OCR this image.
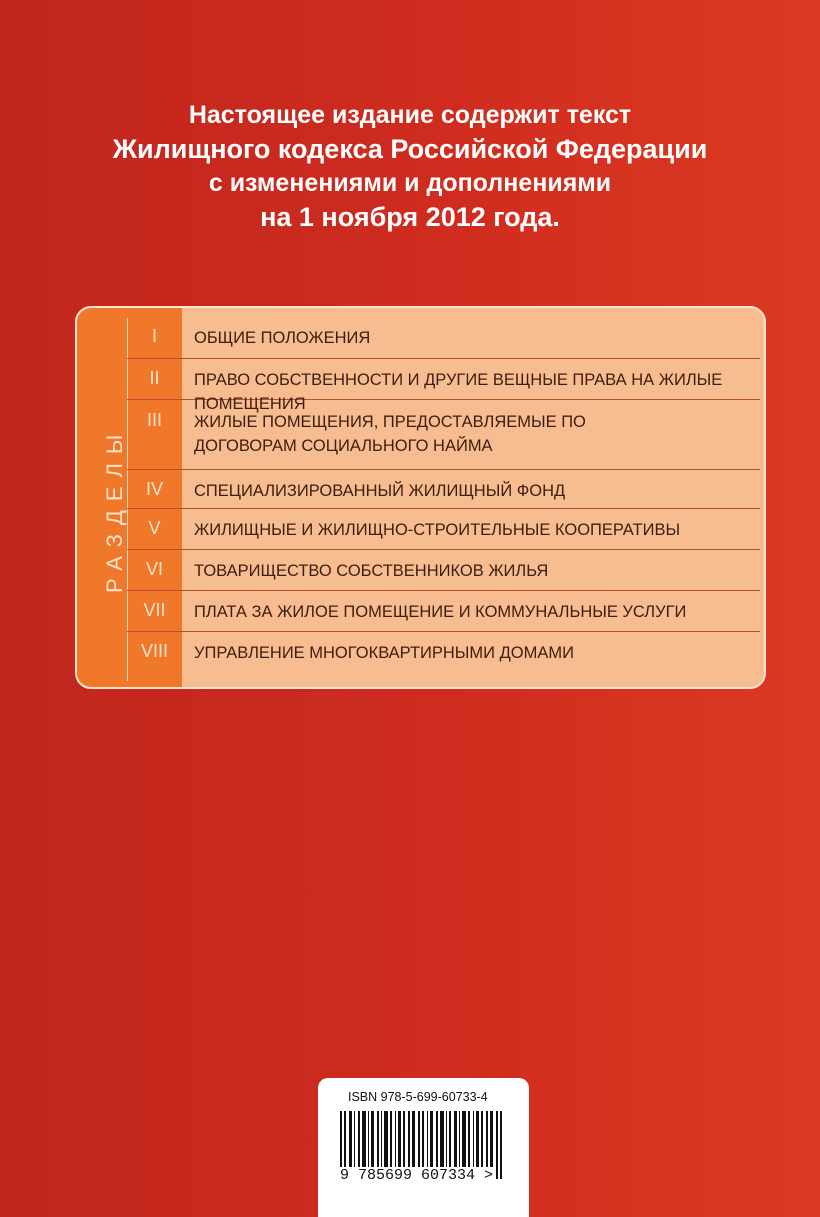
Настоящее издание содержит текст
Жилищного кодекса Российской Федерации
с изменениями и дополнениями
на 1 ноября 2012 года.
РАЗДЕЛЫ
I	ОБЩИЕ ПОЛОЖЕНИЯ
II	ПРАВО СОБСТВЕННОСТИ И ДРУГИЕ ВЕЩНЫЕ ПРАВА НА ЖИЛЫЕ ПОМЕЩЕНИЯ
III	ЖИЛЫЕ ПОМЕЩЕНИЯ, ПРЕДОСТАВЛЯЕМЫЕ ПО ДОГОВОРАМ СОЦИАЛЬНОГО НАЙМА
IV	СПЕЦИАЛИЗИРОВАННЫЙ ЖИЛИЩНЫЙ ФОНД
V	ЖИЛИЩНЫЕ И ЖИЛИЩНО-СТРОИТЕЛЬНЫЕ КООПЕРАТИВЫ
VI	ТОВАРИЩЕСТВО СОБСТВЕННИКОВ ЖИЛЬЯ
VII	ПЛАТА ЗА ЖИЛОЕ ПОМЕЩЕНИЕ И КОММУНАЛЬНЫЕ УСЛУГИ
VIII	УПРАВЛЕНИЕ МНОГОКВАРТИРНЫМИ ДОМАМИ
ISBN 978-5-699-60733-4
9 785699 607334 >
